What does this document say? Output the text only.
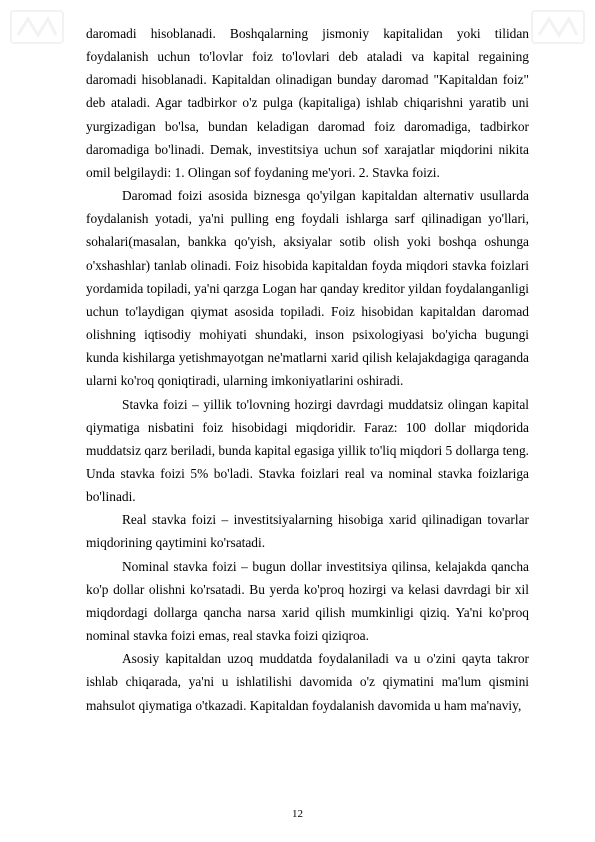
daromadi hisoblanadi. Boshqalarning jismoniy kapitalidan yoki tilidan foydalanish uchun to'lovlar foiz to'lovlari deb ataladi va kapital regaining daromadi hisoblanadi. Kapitaldan olinadigan bunday daromad "Kapitaldan foiz" deb ataladi. Agar tadbirkor o'z pulga (kapitaliga) ishlab chiqarishni yaratib uni yurgizadigan bo'lsa, bundan keladigan daromad foiz daromadiga, tadbirkor daromadiga bo'linadi. Demak, investitsiya uchun sof xarajatlar miqdorini nikita omil belgilaydi: 1. Olingan sof foydaning me'yori. 2. Stavka foizi.

Daromad foizi asosida biznesga qo'yilgan kapitaldan alternativ usullarda foydalanish yotadi, ya'ni pulling eng foydali ishlarga sarf qilinadigan yo'llari, sohalari(masalan, bankka qo'yish, aksiyalar sotib olish yoki boshqa oshunga o'xshashlar) tanlab olinadi. Foiz hisobida kapitaldan foyda miqdori stavka foizlari yordamida topiladi, ya'ni qarzga Logan har qanday kreditor yildan foydalanganligi uchun to'laydigan qiymat asosida topiladi. Foiz hisobidan kapitaldan daromad olishning iqtisodiy mohiyati shundaki, inson psixologiyasi bo'yicha bugungi kunda kishilarga yetishmayotgan ne'matlarni xarid qilish kelajakdagiga qaraganda ularni ko'roq qoniqtiradi, ularning imkoniyatlarini oshiradi.

Stavka foizi – yillik to'lovning hozirgi davrdagi muddatsiz olingan kapital qiymatiga nisbatini foiz hisobidagi miqdoridir. Faraz: 100 dollar miqdorida muddatsiz qarz beriladi, bunda kapital egasiga yillik to'liq miqdori 5 dollarga teng. Unda stavka foizi 5% bo'ladi. Stavka foizlari real va nominal stavka foizlariga bo'linadi.

Real stavka foizi – investitsiyalarning hisobiga xarid qilinadigan tovarlar miqdorining qaytimini ko'rsatadi.

Nominal stavka foizi – bugun dollar investitsiya qilinsa, kelajakda qancha ko'p dollar olishni ko'rsatadi. Bu yerda ko'proq hozirgi va kelasi davrdagi bir xil miqdordagi dollarga qancha narsa xarid qilish mumkinligi qiziq. Ya'ni ko'proq nominal stavka foizi emas, real stavka foizi qiziqroa.

Asosiy kapitaldan uzoq muddatda foydalaniladi va u o'zini qayta takror ishlab chiqarada, ya'ni u ishlatilishi davomida o'z qiymatini ma'lum qismini mahsulot qiymatiga o'tkazadi. Kapitaldan foydalanish davomida u ham ma'naviy,

12
